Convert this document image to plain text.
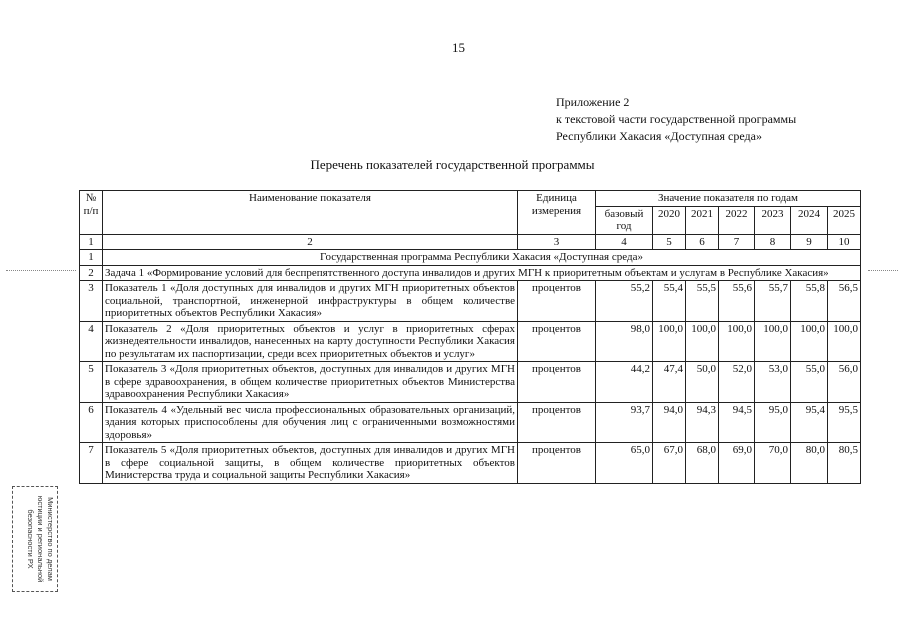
15
Приложение 2
к текстовой части государственной программы
Республики Хакасия «Доступная среда»
Перечень показателей государственной программы
№ п/п	Наименование показателя	Единица измерения	Значение показателя по годам						
			базовый год	2020	2021	2022	2023	2024	2025
1	2	3	4	5	6	7	8	9	10
1	Государственная программа Республики Хакасия «Доступная среда»								
2	Задача 1 «Формирование условий для беспрепятственного доступа инвалидов и других МГН к приоритетным объектам и услугам в Республике Хакасия»								
3	Показатель 1 «Доля доступных для инвалидов и других МГН приоритетных объектов социальной, транспортной, инженерной инфраструктуры в общем количестве приоритетных объектов Республики Хакасия»	процентов	55,2	55,4	55,5	55,6	55,7	55,8	56,5
4	Показатель 2 «Доля приоритетных объектов и услуг в приоритетных сферах жизнедеятельности инвалидов, нанесенных на карту доступности Республики Хакасия по результатам их паспортизации, среди всех приоритетных объектов и услуг»	процентов	98,0	100,0	100,0	100,0	100,0	100,0	100,0
5	Показатель 3 «Доля приоритетных объектов, доступных для инвалидов и других МГН в сфере здравоохранения, в общем количестве приоритетных объектов Министерства здравоохранения Республики Хакасия»	процентов	44,2	47,4	50,0	52,0	53,0	55,0	56,0
6	Показатель 4 «Удельный вес числа профессиональных образовательных организаций, здания которых приспособлены для обучения лиц с ограниченными возможностями здоровья»	процентов	93,7	94,0	94,3	94,5	95,0	95,4	95,5
7	Показатель 5 «Доля приоритетных объектов, доступных для инвалидов и других МГН в сфере социальной защиты, в общем количестве приоритетных объектов Министерства труда и социальной защиты Республики Хакасия»	процентов	65,0	67,0	68,0	69,0	70,0	80,0	80,5
Министерство по делам
юстиции и региональной
безопасности РХ
